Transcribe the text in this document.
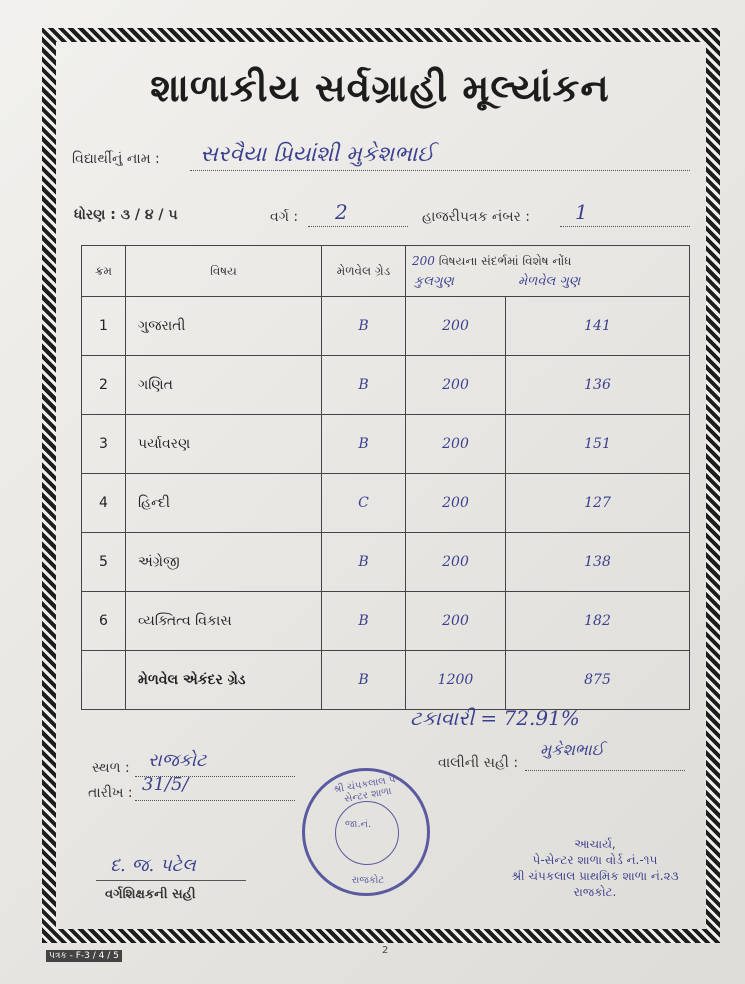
શાળાકીય સર્વગ્રાહી મૂલ્યાંકન
વિદ્યાર્થીનું નામ : સરવૈયા પ્રિયાંશી મુકેશભાઈ
ધોરણ : ૩ / ૪ / ૫	વર્ગ : 2	હાજરીપત્રક નંબર : 1
ક્રમ	વિષય	મેળવેલ ગ્રેડ	200 વિષયના સંદર્ભમાં વિશેષ નોંધ
કુલગુણ મેળવેલ ગુણ	

1	ગુજરાતી	B	200	141
2	ગણિત	B	200	136
3	પર્યાવરણ	B	200	151
4	હિન્દી	C	200	127
5	અંગ્રેજી	B	200	138
6	વ્યક્તિત્વ વિકાસ	B	200	182
	મેળવેલ એકંદર ગ્રેડ	B	1200	875
ટકાવારી = 72.91%
સ્થળ : રાજકોટ
તારીખ : 31/5/
વાલીની સહી :
મુકેશભાઈ
શ્રી ચંપકલાલ પે-સેન્ટર શાળા
જા.નં.
રાજકોટ
દ. જ. પટેલ
વર્ગશિક્ષકની સહી
આચાર્ય,
પે-સેન્ટર શાળા વોર્ડ નં.-૧૫
શ્રી ચંપકલાલ પ્રાથમિક શાળા નં.૨૩
રાજકોટ.
2
પત્રક - F-3 / 4 / 5
